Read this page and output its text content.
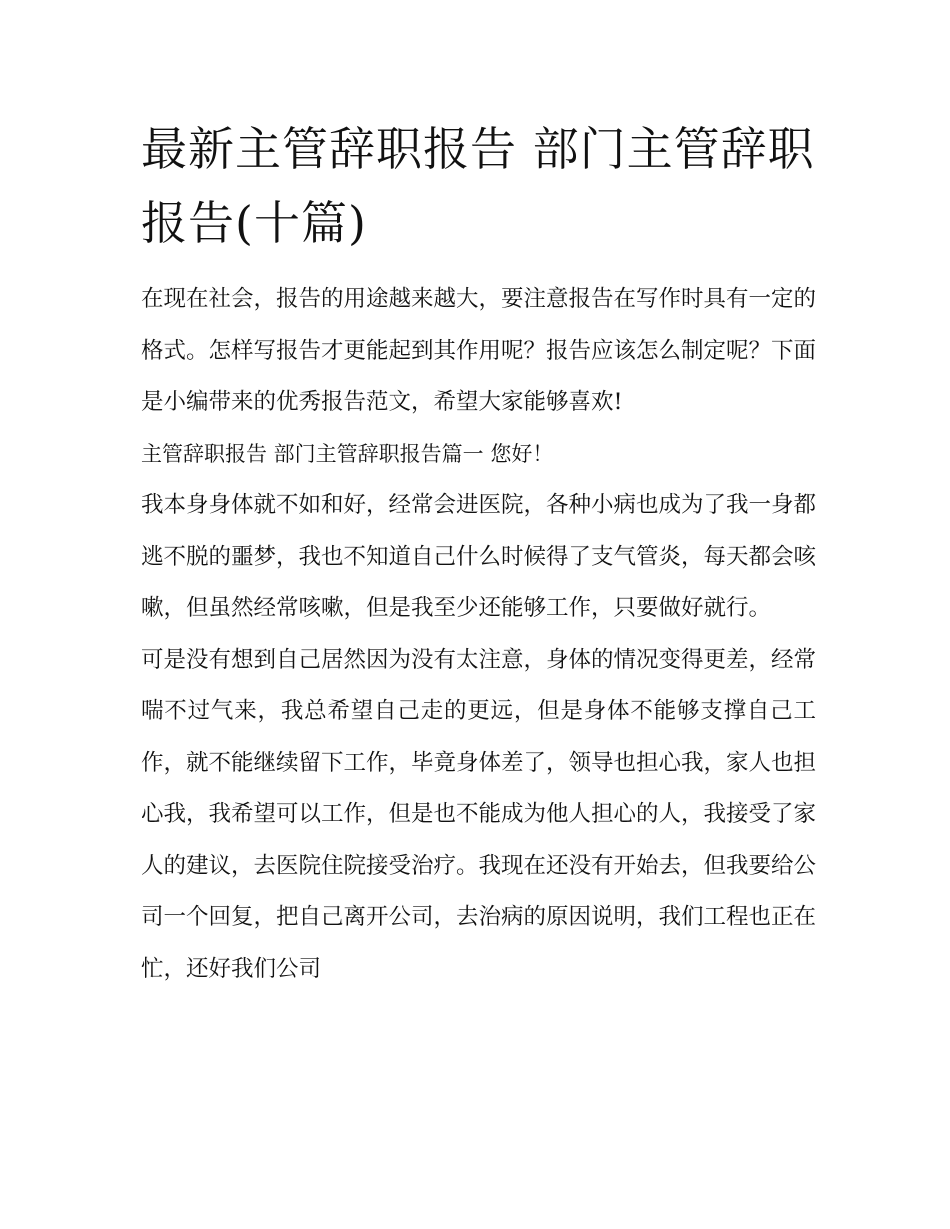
最新主管辞职报告 部门主管辞职报告(十篇)

在现在社会，报告的用途越来越大，要注意报告在写作时具有一定的格式。怎样写报告才更能起到其作用呢？报告应该怎么制定呢？下面是小编带来的优秀报告范文，希望大家能够喜欢!

主管辞职报告 部门主管辞职报告篇一 您好！

我本身身体就不如和好，经常会进医院，各种小病也成为了我一身都逃不脱的噩梦，我也不知道自己什么时候得了支气管炎，每天都会咳嗽，但虽然经常咳嗽，但是我至少还能够工作，只要做好就行。

可是没有想到自己居然因为没有太注意，身体的情况变得更差，经常喘不过气来，我总希望自己走的更远，但是身体不能够支撑自己工作，就不能继续留下工作，毕竟身体差了，领导也担心我，家人也担心我，我希望可以工作，但是也不能成为他人担心的人，我接受了家人的建议，去医院住院接受治疗。我现在还没有开始去，但我要给公司一个回复，把自己离开公司，去治病的原因说明，我们工程也正在忙，还好我们公司
